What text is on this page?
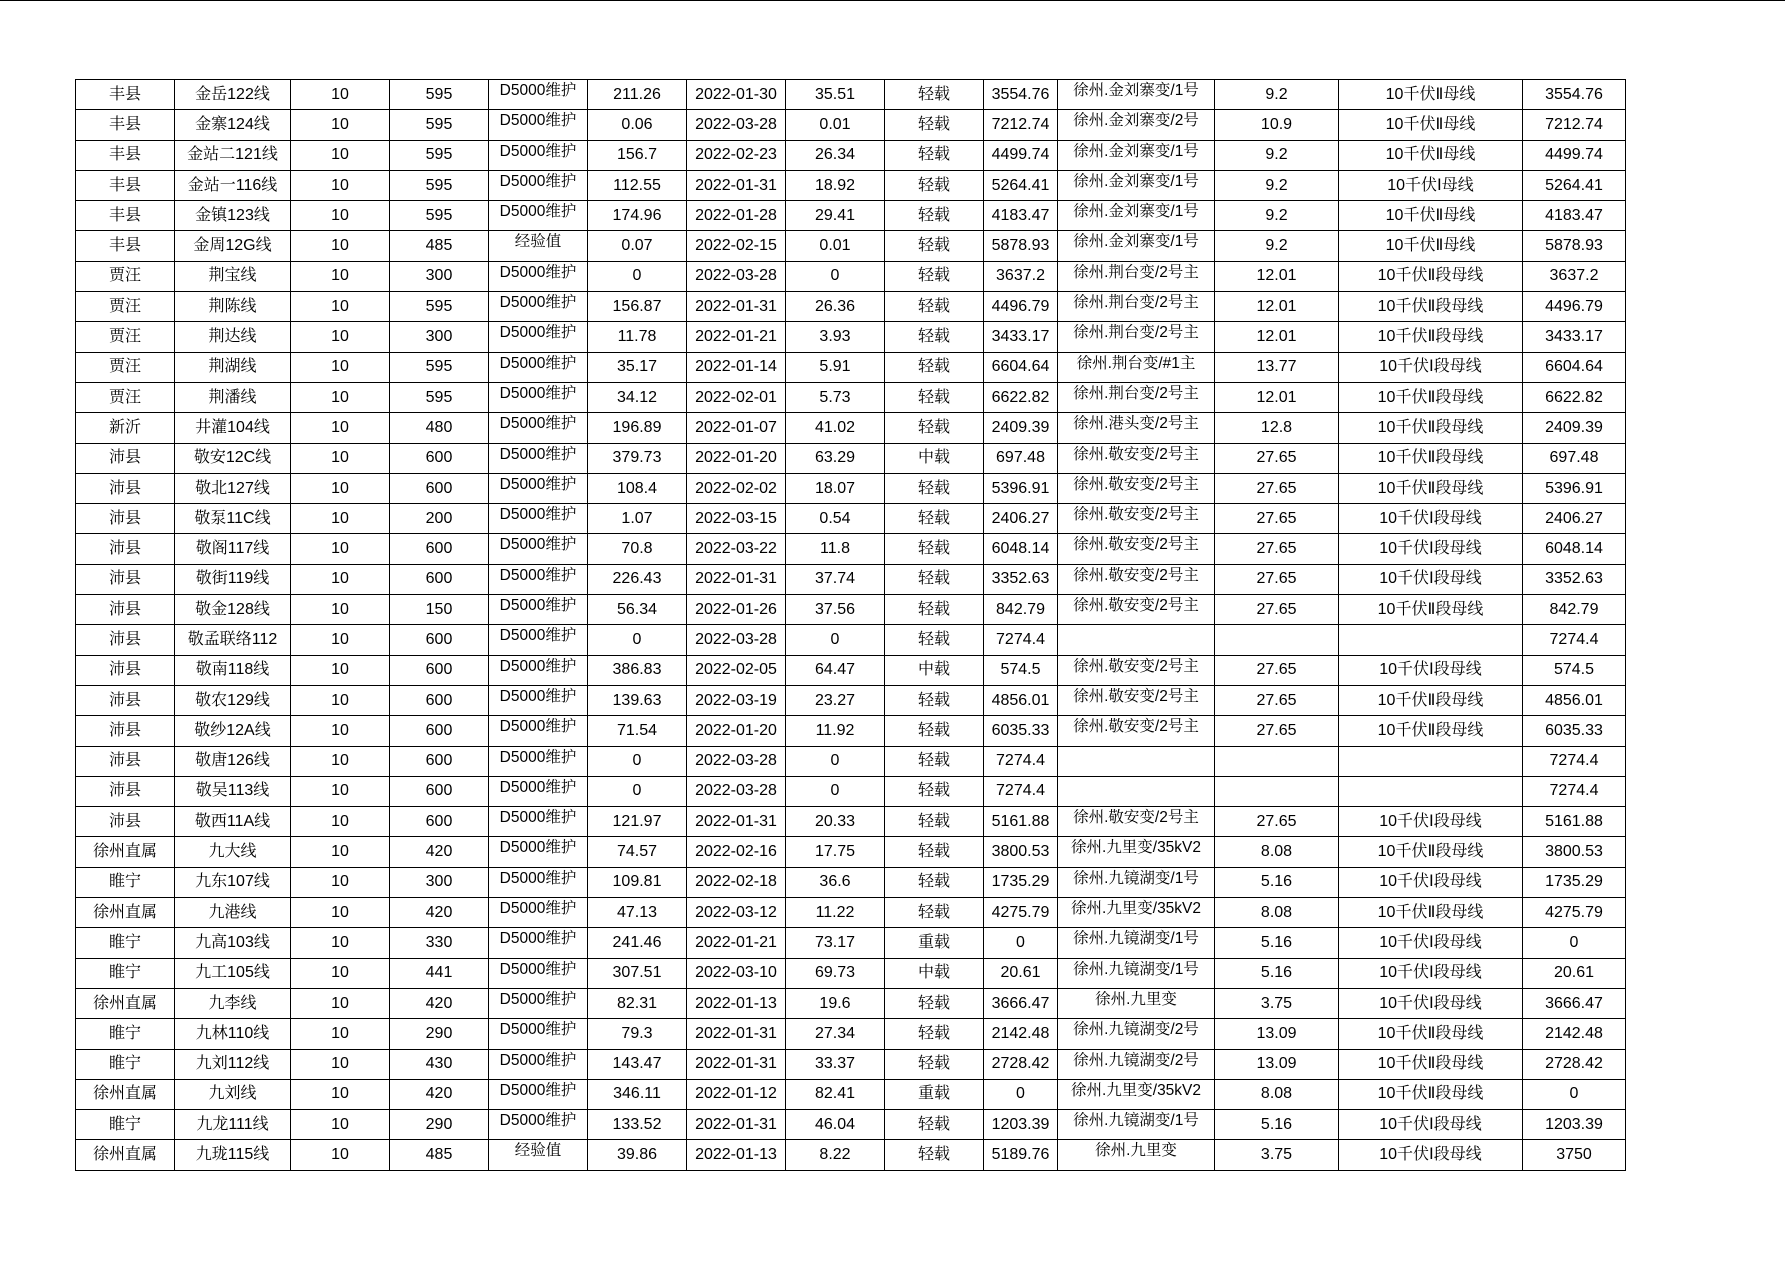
丰县	金岳122线	10	595	D5000维护	211.26	2022-01-30	35.51	轻载	3554.76	徐州.金刘寨变/1号	9.2	10千伏Ⅱ母线	3554.76
丰县	金寨124线	10	595	D5000维护	0.06	2022-03-28	0.01	轻载	7212.74	徐州.金刘寨变/2号	10.9	10千伏Ⅱ母线	7212.74
丰县	金站二121线	10	595	D5000维护	156.7	2022-02-23	26.34	轻载	4499.74	徐州.金刘寨变/1号	9.2	10千伏Ⅱ母线	4499.74
丰县	金站一116线	10	595	D5000维护	112.55	2022-01-31	18.92	轻载	5264.41	徐州.金刘寨变/1号	9.2	10千伏Ⅰ母线	5264.41
丰县	金镇123线	10	595	D5000维护	174.96	2022-01-28	29.41	轻载	4183.47	徐州.金刘寨变/1号	9.2	10千伏Ⅱ母线	4183.47
丰县	金周12G线	10	485	经验值	0.07	2022-02-15	0.01	轻载	5878.93	徐州.金刘寨变/1号	9.2	10千伏Ⅱ母线	5878.93
贾汪	荆宝线	10	300	D5000维护	0	2022-03-28	0	轻载	3637.2	徐州.荆台变/2号主	12.01	10千伏Ⅱ段母线	3637.2
贾汪	荆陈线	10	595	D5000维护	156.87	2022-01-31	26.36	轻载	4496.79	徐州.荆台变/2号主	12.01	10千伏Ⅱ段母线	4496.79
贾汪	荆达线	10	300	D5000维护	11.78	2022-01-21	3.93	轻载	3433.17	徐州.荆台变/2号主	12.01	10千伏Ⅱ段母线	3433.17
贾汪	荆湖线	10	595	D5000维护	35.17	2022-01-14	5.91	轻载	6604.64	徐州.荆台变/#1主	13.77	10千伏Ⅰ段母线	6604.64
贾汪	荆潘线	10	595	D5000维护	34.12	2022-02-01	5.73	轻载	6622.82	徐州.荆台变/2号主	12.01	10千伏Ⅱ段母线	6622.82
新沂	井灌104线	10	480	D5000维护	196.89	2022-01-07	41.02	轻载	2409.39	徐州.港头变/2号主	12.8	10千伏Ⅱ段母线	2409.39
沛县	敬安12C线	10	600	D5000维护	379.73	2022-01-20	63.29	中载	697.48	徐州.敬安变/2号主	27.65	10千伏Ⅱ段母线	697.48
沛县	敬北127线	10	600	D5000维护	108.4	2022-02-02	18.07	轻载	5396.91	徐州.敬安变/2号主	27.65	10千伏Ⅱ段母线	5396.91
沛县	敬泵11C线	10	200	D5000维护	1.07	2022-03-15	0.54	轻载	2406.27	徐州.敬安变/2号主	27.65	10千伏Ⅰ段母线	2406.27
沛县	敬阁117线	10	600	D5000维护	70.8	2022-03-22	11.8	轻载	6048.14	徐州.敬安变/2号主	27.65	10千伏Ⅰ段母线	6048.14
沛县	敬街119线	10	600	D5000维护	226.43	2022-01-31	37.74	轻载	3352.63	徐州.敬安变/2号主	27.65	10千伏Ⅰ段母线	3352.63
沛县	敬金128线	10	150	D5000维护	56.34	2022-01-26	37.56	轻载	842.79	徐州.敬安变/2号主	27.65	10千伏Ⅱ段母线	842.79
沛县	敬孟联络112	10	600	D5000维护	0	2022-03-28	0	轻载	7274.4				7274.4
沛县	敬南118线	10	600	D5000维护	386.83	2022-02-05	64.47	中载	574.5	徐州.敬安变/2号主	27.65	10千伏Ⅰ段母线	574.5
沛县	敬农129线	10	600	D5000维护	139.63	2022-03-19	23.27	轻载	4856.01	徐州.敬安变/2号主	27.65	10千伏Ⅱ段母线	4856.01
沛县	敬纱12A线	10	600	D5000维护	71.54	2022-01-20	11.92	轻载	6035.33	徐州.敬安变/2号主	27.65	10千伏Ⅱ段母线	6035.33
沛县	敬唐126线	10	600	D5000维护	0	2022-03-28	0	轻载	7274.4				7274.4
沛县	敬吴113线	10	600	D5000维护	0	2022-03-28	0	轻载	7274.4				7274.4
沛县	敬西11A线	10	600	D5000维护	121.97	2022-01-31	20.33	轻载	5161.88	徐州.敬安变/2号主	27.65	10千伏Ⅰ段母线	5161.88
徐州直属	九大线	10	420	D5000维护	74.57	2022-02-16	17.75	轻载	3800.53	徐州.九里变/35kV2	8.08	10千伏Ⅱ段母线	3800.53
睢宁	九东107线	10	300	D5000维护	109.81	2022-02-18	36.6	轻载	1735.29	徐州.九镜湖变/1号	5.16	10千伏Ⅰ段母线	1735.29
徐州直属	九港线	10	420	D5000维护	47.13	2022-03-12	11.22	轻载	4275.79	徐州.九里变/35kV2	8.08	10千伏Ⅱ段母线	4275.79
睢宁	九高103线	10	330	D5000维护	241.46	2022-01-21	73.17	重载	0	徐州.九镜湖变/1号	5.16	10千伏Ⅰ段母线	0
睢宁	九工105线	10	441	D5000维护	307.51	2022-03-10	69.73	中载	20.61	徐州.九镜湖变/1号	5.16	10千伏Ⅰ段母线	20.61
徐州直属	九李线	10	420	D5000维护	82.31	2022-01-13	19.6	轻载	3666.47	徐州.九里变	3.75	10千伏Ⅰ段母线	3666.47
睢宁	九林110线	10	290	D5000维护	79.3	2022-01-31	27.34	轻载	2142.48	徐州.九镜湖变/2号	13.09	10千伏Ⅱ段母线	2142.48
睢宁	九刘112线	10	430	D5000维护	143.47	2022-01-31	33.37	轻载	2728.42	徐州.九镜湖变/2号	13.09	10千伏Ⅱ段母线	2728.42
徐州直属	九刘线	10	420	D5000维护	346.11	2022-01-12	82.41	重载	0	徐州.九里变/35kV2	8.08	10千伏Ⅱ段母线	0
睢宁	九龙111线	10	290	D5000维护	133.52	2022-01-31	46.04	轻载	1203.39	徐州.九镜湖变/1号	5.16	10千伏Ⅰ段母线	1203.39
徐州直属	九珑115线	10	485	经验值	39.86	2022-01-13	8.22	轻载	5189.76	徐州.九里变	3.75	10千伏Ⅰ段母线	3750
